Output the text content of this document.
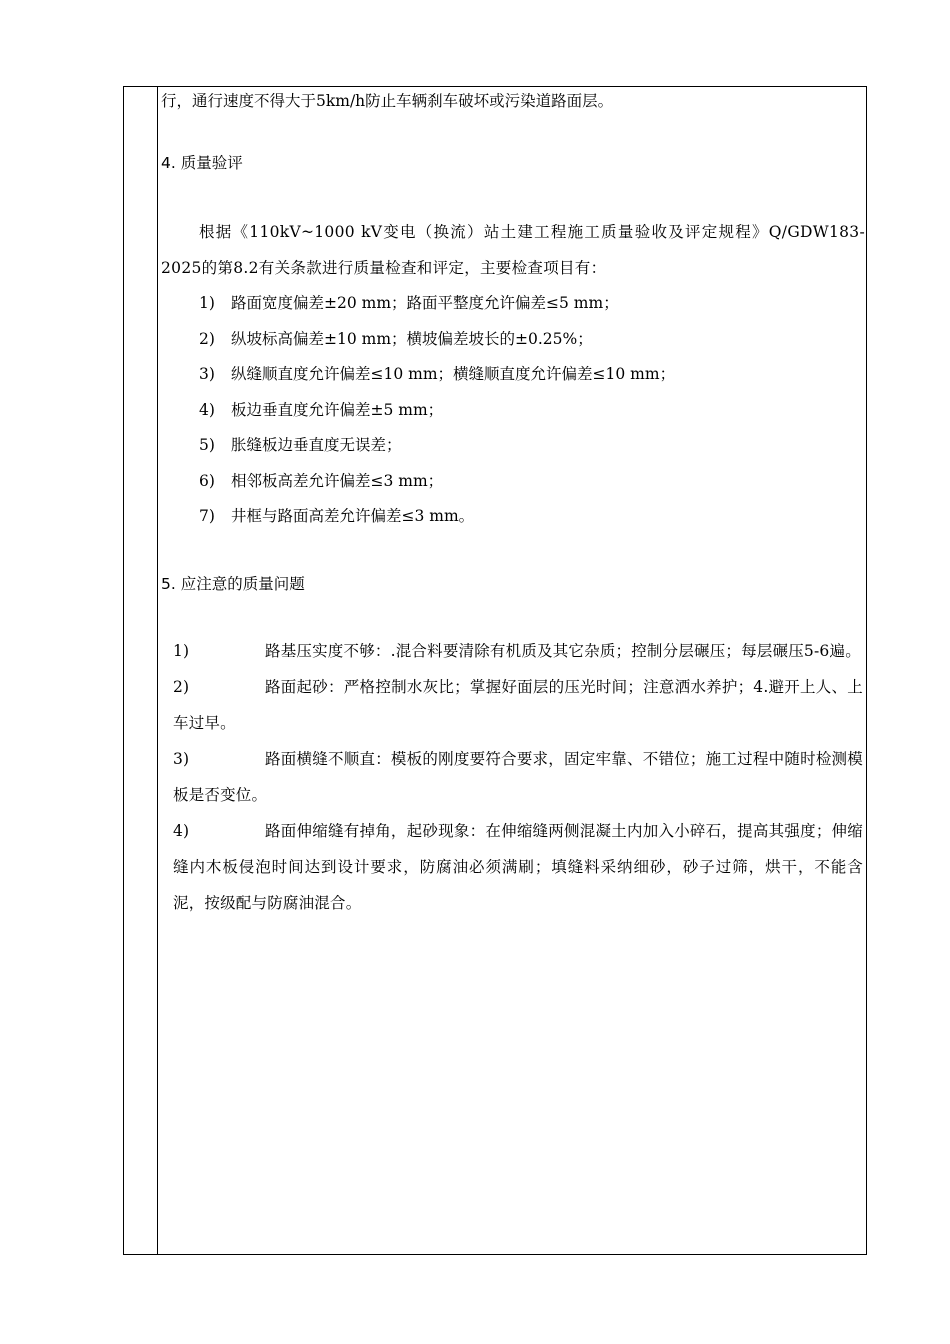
行，通行速度不得大于5km/h防止车辆刹车破坏或污染道路面层。
4. 质量验评
根据《110kV~1000 kV变电（换流）站土建工程施工质量验收及评定规程》Q/GDW183-2025的第8.2有关条款进行质量检查和评定，主要检查项目有：
1) 路面宽度偏差±20 mm；路面平整度允许偏差≤5 mm；
2) 纵坡标高偏差±10 mm；横坡偏差坡长的±0.25%；
3) 纵缝顺直度允许偏差≤10 mm；横缝顺直度允许偏差≤10 mm；
4) 板边垂直度允许偏差±5 mm；
5) 胀缝板边垂直度无误差；
6) 相邻板高差允许偏差≤3 mm；
7) 井框与路面高差允许偏差≤3 mm。
5. 应注意的质量问题
1)	路基压实度不够：.混合料要清除有机质及其它杂质；控制分层碾压；每层碾压5-6遍。
2)	路面起砂：严格控制水灰比；掌握好面层的压光时间；注意洒水养护；4.避开上人、上车过早。
3)	路面横缝不顺直：模板的刚度要符合要求，固定牢靠、不错位；施工过程中随时检测模板是否变位。
4)	路面伸缩缝有掉角，起砂现象：在伸缩缝两侧混凝土内加入小碎石，提高其强度；伸缩缝内木板侵泡时间达到设计要求，防腐油必须满刷；填缝料采纳细砂，砂子过筛，烘干，不能含泥，按级配与防腐油混合。
